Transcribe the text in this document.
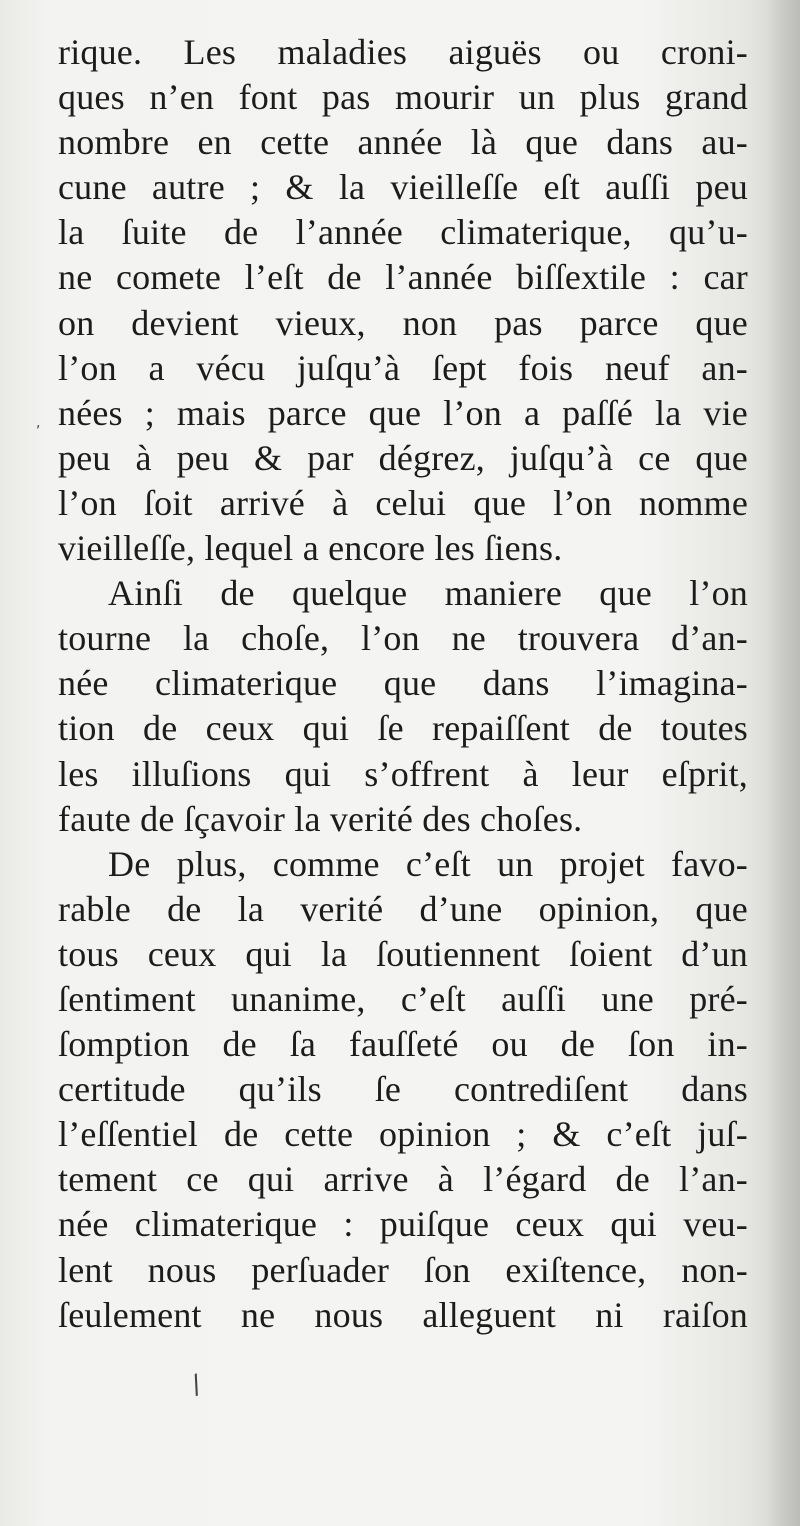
rique. Les maladies aiguës ou croni-
ques n’en font pas mourir un plus grand
nombre en cette année là que dans au-
cune autre ; & la vieilleſſe eſt auſſi peu
la ſuite de l’année climaterique, qu’u-
ne comete l’eſt de l’année biſſextile : car
on devient vieux, non pas parce que
l’on a vécu juſqu’à ſept fois neuf an-
nées ; mais parce que l’on a paſſé la vie
peu à peu & par dégrez, juſqu’à ce que
l’on ſoit arrivé à celui que l’on nomme
vieilleſſe, lequel a encore les ſiens.
Ainſi de quelque maniere que l’on
tourne la choſe, l’on ne trouvera d’an-
née climaterique que dans l’imagina-
tion de ceux qui ſe repaiſſent de toutes
les illuſions qui s’offrent à leur eſprit,
faute de ſçavoir la verité des choſes.
De plus, comme c’eſt un projet favo-
rable de la verité d’une opinion, que
tous ceux qui la ſoutiennent ſoient d’un
ſentiment unanime, c’eſt auſſi une pré-
ſomption de ſa fauſſeté ou de ſon in-
certitude qu’ils ſe contrediſent dans
l’eſſentiel de cette opinion ; & c’eſt juſ-
tement ce qui arrive à l’égard de l’an-
née climaterique : puiſque ceux qui veu-
lent nous perſuader ſon exiſtence, non-
ſeulement ne nous alleguent ni raiſon
,
/
